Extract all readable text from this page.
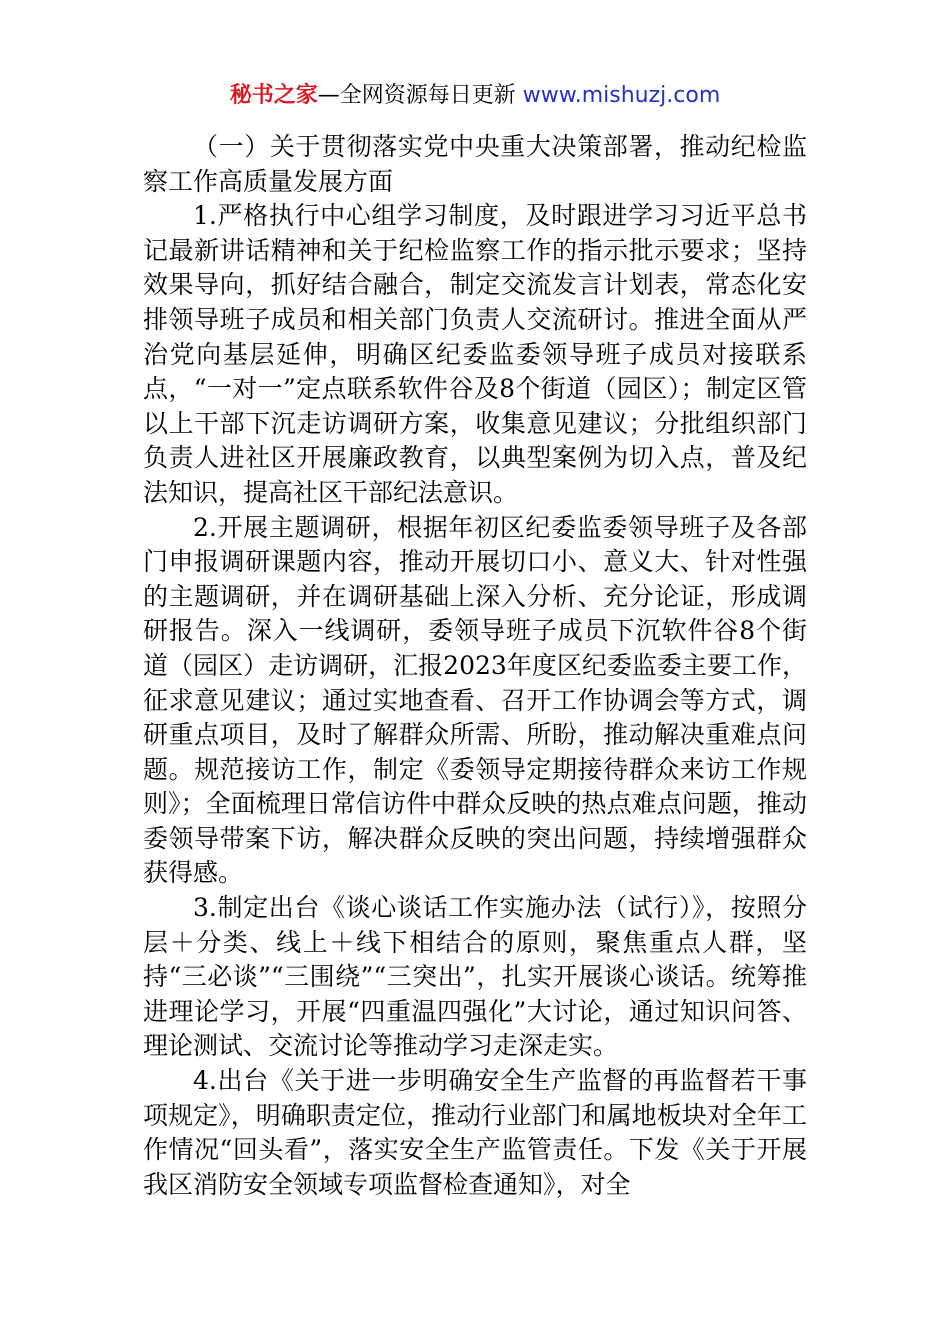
秘书之家—全网资源每日更新 www.mishuzj.com

（一）关于贯彻落实党中央重大决策部署，推动纪检监察工作高质量发展方面

1.严格执行中心组学习制度，及时跟进学习习近平总书记最新讲话精神和关于纪检监察工作的指示批示要求；坚持效果导向，抓好结合融合，制定交流发言计划表，常态化安排领导班子成员和相关部门负责人交流研讨。推进全面从严治党向基层延伸，明确区纪委监委领导班子成员对接联系点，“一对一”定点联系软件谷及8个街道（园区）；制定区管以上干部下沉走访调研方案，收集意见建议；分批组织部门负责人进社区开展廉政教育，以典型案例为切入点，普及纪法知识，提高社区干部纪法意识。

2.开展主题调研，根据年初区纪委监委领导班子及各部门申报调研课题内容，推动开展切口小、意义大、针对性强的主题调研，并在调研基础上深入分析、充分论证，形成调研报告。深入一线调研，委领导班子成员下沉软件谷8个街道（园区）走访调研，汇报2023年度区纪委监委主要工作，征求意见建议；通过实地查看、召开工作协调会等方式，调研重点项目，及时了解群众所需、所盼，推动解决重难点问题。规范接访工作，制定《委领导定期接待群众来访工作规则》；全面梳理日常信访件中群众反映的热点难点问题，推动委领导带案下访，解决群众反映的突出问题，持续增强群众获得感。

3.制定出台《谈心谈话工作实施办法（试行）》，按照分层＋分类、线上＋线下相结合的原则，聚焦重点人群，坚持“三必谈”“三围绕”“三突出”，扎实开展谈心谈话。统筹推进理论学习，开展“四重温四强化”大讨论，通过知识问答、理论测试、交流讨论等推动学习走深走实。

4.出台《关于进一步明确安全生产监督的再监督若干事项规定》，明确职责定位，推动行业部门和属地板块对全年工作情况“回头看”，落实安全生产监管责任。下发《关于开展我区消防安全领域专项监督检查通知》，对全
